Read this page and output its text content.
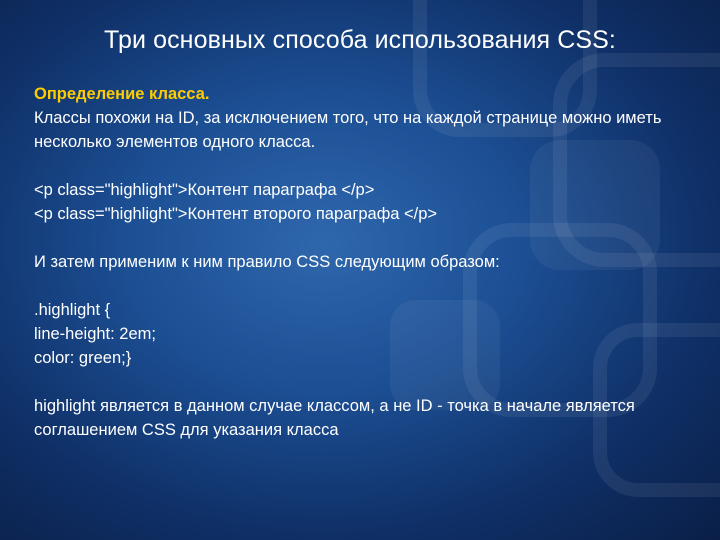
Три основных способа использования CSS:

Определение класса.

Классы похожи на ID, за исключением того, что на каждой странице можно иметь несколько элементов одного класса.

<p class="highlight">Контент параграфа </p>

<p class="highlight">Контент второго параграфа </p>

И затем применим к ним правило CSS следующим образом:

.highlight {

line-height: 2em;

color: green;}

highlight является в данном случае классом, а не ID - точка в начале является соглашением CSS для указания класса
